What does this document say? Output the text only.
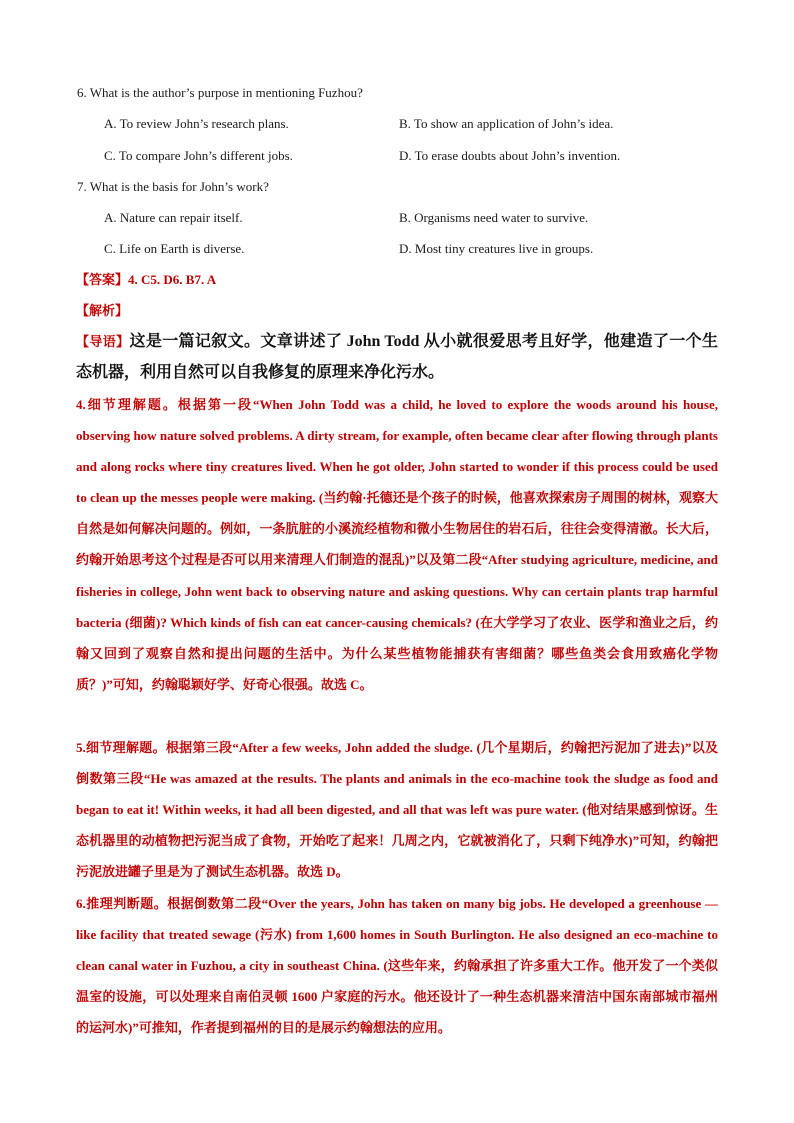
6. What is the author’s purpose in mentioning Fuzhou?
A. To review John’s research plans.	B. To show an application of John’s idea.
C. To compare John’s different jobs.	D. To erase doubts about John’s invention.
7. What is the basis for John’s work?
A. Nature can repair itself.	B. Organisms need water to survive.
C. Life on Earth is diverse.	D. Most tiny creatures live in groups.
【答案】4. C5. D6. B7. A
【解析】
【导语】这是一篇记叙文。文章讲述了 John Todd 从小就很爱思考且好学，他建造了一个生态机器，利用自然可以自我修复的原理来净化污水。
4.细节理解题。根据第一段“When John Todd was a child, he loved to explore the woods around his house, observing how nature solved problems. A dirty stream, for example, often became clear after flowing through plants and along rocks where tiny creatures lived. When he got older, John started to wonder if this process could be used to clean up the messes people were making. (当约翰·托德还是个孩子的时候，他喜欢探索房子周围的树林，观察大自然是如何解决问题的。例如，一条肮脏的小溪流经植物和微小生物居住的岩石后，往往会变得清澈。长大后，约翰开始思考这个过程是否可以用来清理人们制造的混乱)”以及第二段“After studying agriculture, medicine, and fisheries in college, John went back to observing nature and asking questions. Why can certain plants trap harmful bacteria (细菌)? Which kinds of fish can eat cancer-causing chemicals? (在大学学习了农业、医学和渔业之后，约翰又回到了观察自然和提出问题的生活中。为什么某些植物能捕获有害细菌？哪些鱼类会食用致癌化学物质？)”可知，约翰聪颖好学、好奇心很强。故选 C。
5.细节理解题。根据第三段“After a few weeks, John added the sludge. (几个星期后，约翰把污泥加了进去)”以及倒数第三段“He was amazed at the results. The plants and animals in the eco-machine took the sludge as food and began to eat it! Within weeks, it had all been digested, and all that was left was pure water. (他对结果感到惊讶。生态机器里的动植物把污泥当成了食物，开始吃了起来！几周之内，它就被消化了，只剩下纯净水)”可知，约翰把污泥放进罐子里是为了测试生态机器。故选 D。
6.推理判断题。根据倒数第二段“Over the years, John has taken on many big jobs. He developed a greenhouse — like facility that treated sewage (污水) from 1,600 homes in South Burlington. He also designed an eco-machine to clean canal water in Fuzhou, a city in southeast China. (这些年来，约翰承担了许多重大工作。他开发了一个类似温室的设施，可以处理来自南伯灵顿 1600 户家庭的污水。他还设计了一种生态机器来清洁中国东南部城市福州的运河水)”可推知，作者提到福州的目的是展示约翰想法的应用。
